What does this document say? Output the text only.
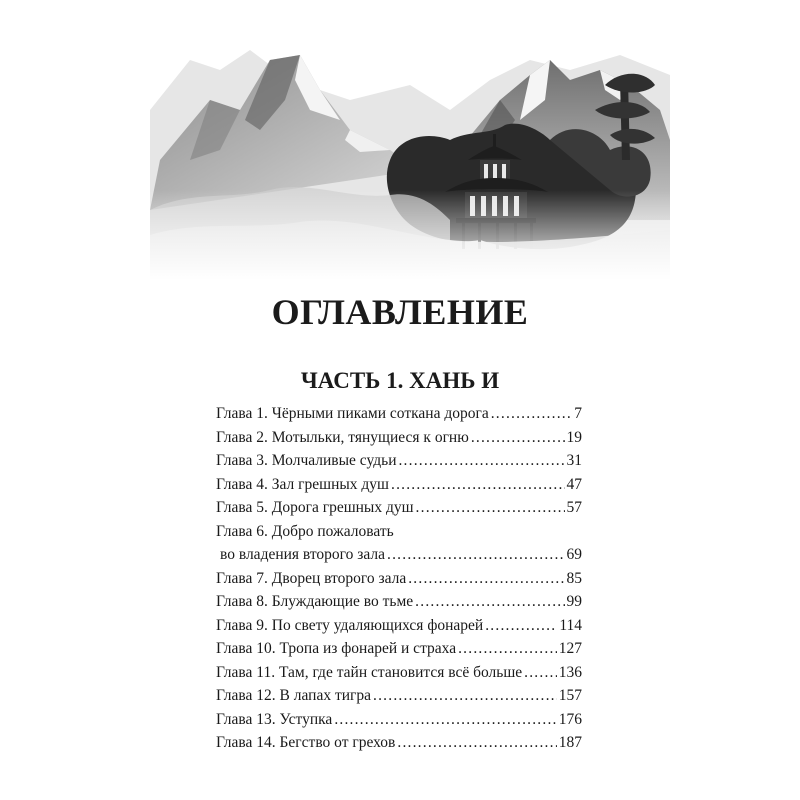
ОГЛАВЛЕНИЕ
ЧАСТЬ 1. ХАНЬ И
Глава 1. Чёрными пиками соткана дорога .....	7
Глава 2. Мотыльки, тянущиеся к огню .....	19
Глава 3. Молчаливые судьи .....	31
Глава 4. Зал грешных душ .....	47
Глава 5. Дорога грешных душ .....	57
Глава 6. Добро пожаловать
во владения второго зала .....	69
Глава 7. Дворец второго зала .....	85
Глава 8. Блуждающие во тьме .....	99
Глава 9. По свету удаляющихся фонарей .....	114
Глава 10. Тропа из фонарей и страха .....	127
Глава 11. Там, где тайн становится всё больше ..... 136
Глава 12. В лапах тигра .....	157
Глава 13. Уступка .....	176
Глава 14. Бегство от грехов .....	187
